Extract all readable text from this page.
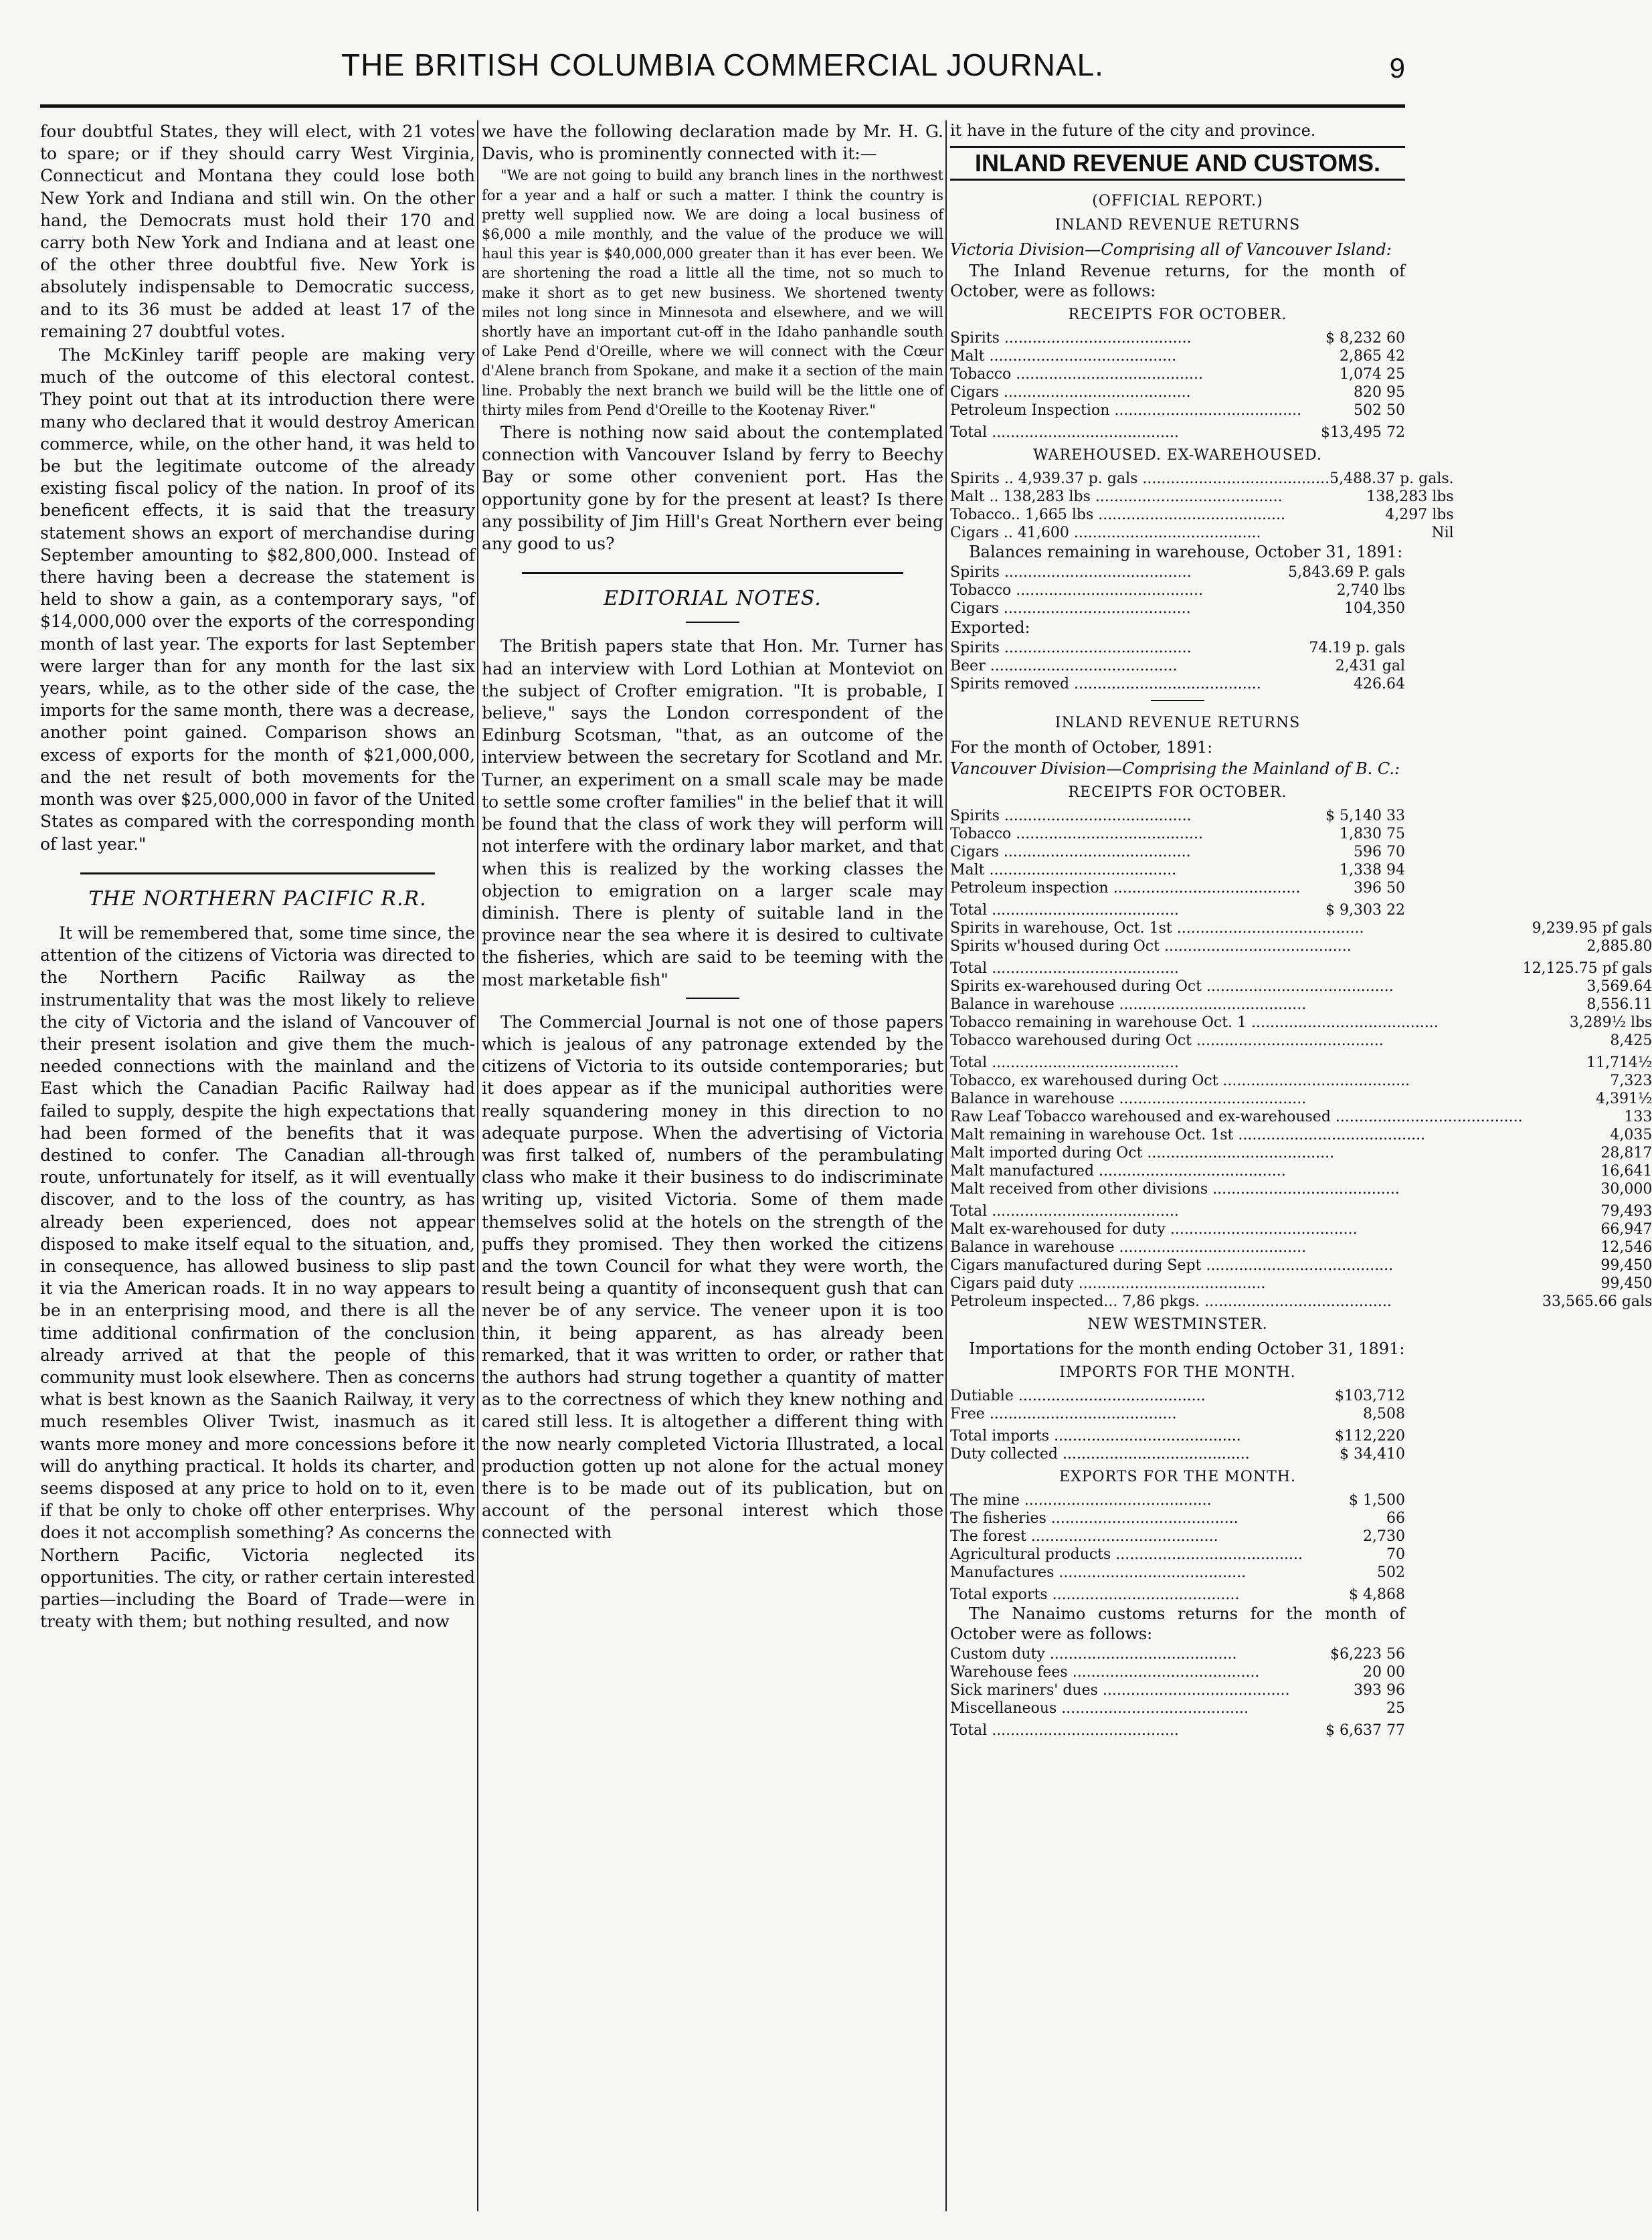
THE BRITISH COLUMBIA COMMERCIAL JOURNAL.	9

four doubtful States, they will elect, with 21 votes to spare; or if they should carry West Virginia, Connecticut and Montana they could lose both New York and Indiana and still win. On the other hand, the Democrats must hold their 170 and carry both New York and Indiana and at least one of the other three doubtful five. New York is absolutely indispensable to Democratic success, and to its 36 must be added at least 17 of the remaining 27 doubtful votes.

The McKinley tariff people are making very much of the outcome of this electoral contest. They point out that at its introduction there were many who declared that it would destroy American commerce, while, on the other hand, it was held to be but the legitimate outcome of the already existing fiscal policy of the nation. In proof of its beneficent effects, it is said that the treasury statement shows an export of merchandise during September amounting to $82,800,000. Instead of there having been a decrease the statement is held to show a gain, as a contemporary says, "of $14,000,000 over the exports of the corresponding month of last year. The exports for last September were larger than for any month for the last six years, while, as to the other side of the case, the imports for the same month, there was a decrease, another point gained. Comparison shows an excess of exports for the month of $21,000,000, and the net result of both movements for the month was over $25,000,000 in favor of the United States as compared with the corresponding month of last year."

THE NORTHERN PACIFIC R.R.

It will be remembered that, some time since, the attention of the citizens of Victoria was directed to the Northern Pacific Railway as the instrumentality that was the most likely to relieve the city of Victoria and the island of Vancouver of their present isolation and give them the much-needed connections with the mainland and the East which the Canadian Pacific Railway had failed to supply, despite the high expectations that had been formed of the benefits that it was destined to confer. The Canadian all-through route, unfortunately for itself, as it will eventually discover, and to the loss of the country, as has already been experienced, does not appear disposed to make itself equal to the situation, and, in consequence, has allowed business to slip past it via the American roads. It in no way appears to be in an enterprising mood, and there is all the time additional confirmation of the conclusion already arrived at that the people of this community must look elsewhere. Then as concerns what is best known as the Saanich Railway, it very much resembles Oliver Twist, inasmuch as it wants more money and more concessions before it will do anything practical. It holds its charter, and seems disposed at any price to hold on to it, even if that be only to choke off other enterprises. Why does it not accomplish something? As concerns the Northern Pacific, Victoria neglected its opportunities. The city, or rather certain interested parties—including the Board of Trade—were in treaty with them; but nothing resulted, and now

we have the following declaration made by Mr. H. G. Davis, who is prominently connected with it:—

"We are not going to build any branch lines in the northwest for a year and a half or such a matter. I think the country is pretty well supplied now. We are doing a local business of $6,000 a mile monthly, and the value of the produce we will haul this year is $40,000,000 greater than it has ever been. We are shortening the road a little all the time, not so much to make it short as to get new business. We shortened twenty miles not long since in Minnesota and elsewhere, and we will shortly have an important cut-off in the Idaho panhandle south of Lake Pend d'Oreille, where we will connect with the Cœur d'Alene branch from Spokane, and make it a section of the main line. Probably the next branch we build will be the little one of thirty miles from Pend d'Oreille to the Kootenay River."

There is nothing now said about the contemplated connection with Vancouver Island by ferry to Beechy Bay or some other convenient port. Has the opportunity gone by for the present at least? Is there any possibility of Jim Hill's Great Northern ever being any good to us?

EDITORIAL NOTES.

The British papers state that Hon. Mr. Turner has had an interview with Lord Lothian at Monteviot on the subject of Crofter emigration. "It is probable, I believe," says the London correspondent of the Edinburg Scotsman, "that, as an outcome of the interview between the secretary for Scotland and Mr. Turner, an experiment on a small scale may be made to settle some crofter families" in the belief that it will be found that the class of work they will perform will not interfere with the ordinary labor market, and that when this is realized by the working classes the objection to emigration on a larger scale may diminish. There is plenty of suitable land in the province near the sea where it is desired to cultivate the fisheries, which are said to be teeming with the most marketable fish"

The Commercial Journal is not one of those papers which is jealous of any patronage extended by the citizens of Victoria to its outside contemporaries; but it does appear as if the municipal authorities were really squandering money in this direction to no adequate purpose. When the advertising of Victoria was first talked of, numbers of the perambulating class who make it their business to do indiscriminate writing up, visited Victoria. Some of them made themselves solid at the hotels on the strength of the puffs they promised. They then worked the citizens and the town Council for what they were worth, the result being a quantity of inconsequent gush that can never be of any service. The veneer upon it is too thin, it being apparent, as has already been remarked, that it was written to order, or rather that the authors had strung together a quantity of matter as to the correctness of which they knew nothing and cared still less. It is altogether a different thing with the now nearly completed Victoria Illustrated, a local production gotten up not alone for the actual money there is to be made out of its publication, but on account of the personal interest which those connected with

it have in the future of the city and province.

INLAND REVENUE AND CUSTOMS.
(OFFICIAL REPORT.)
INLAND REVENUE RETURNS

Victoria Division—Comprising all of Vancouver Island:

The Inland Revenue returns, for the month of October, were as follows:

RECEIPTS FOR OCTOBER.
Spirits ........................................	$ 8,232 60
Malt ........................................	2,865 42
Tobacco ........................................	1,074 25
Cigars ........................................	820 95
Petroleum Inspection ........................................	502 50
Total ........................................	$13,495 72
WAREHOUSED. EX-WAREHOUSED.
Spirits .. 4,939.37 p. gals ........................................	5,488.37 p. gals.
Malt .. 138,283 lbs ........................................	138,283 lbs
Tobacco.. 1,665 lbs ........................................	4,297 lbs
Cigars .. 41,600 ........................................	Nil

Balances remaining in warehouse, October 31, 1891:

Spirits ........................................	5,843.69 P. gals
Tobacco ........................................	2,740 lbs
Cigars ........................................	104,350

Exported:

Spirits ........................................	74.19 p. gals
Beer ........................................	2,431 gal
Spirits removed ........................................	426.64
INLAND REVENUE RETURNS

For the month of October, 1891:

Vancouver Division—Comprising the Mainland of B. C.:

RECEIPTS FOR OCTOBER.
Spirits ........................................	$ 5,140 33
Tobacco ........................................	1,830 75
Cigars ........................................	596 70
Malt ........................................	1,338 94
Petroleum inspection ........................................	396 50
Total ........................................	$ 9,303 22
Spirits in warehouse, Oct. 1st ........................................	9,239.95 pf gals
Spirits w'housed during Oct ........................................	2,885.80
Total ........................................	12,125.75 pf gals
Spirits ex-warehoused during Oct ........................................	3,569.64
Balance in warehouse ........................................	8,556.11
Tobacco remaining in warehouse Oct. 1 ........................................	3,289½ lbs
Tobacco warehoused during Oct ........................................	8,425
Total ........................................	11,714½
Tobacco, ex warehoused during Oct ........................................	7,323
Balance in warehouse ........................................	4,391½
Raw Leaf Tobacco warehoused and ex-warehoused ........................................	133
Malt remaining in warehouse Oct. 1st ........................................	4,035
Malt imported during Oct ........................................	28,817
Malt manufactured ........................................	16,641
Malt received from other divisions ........................................	30,000
Total ........................................	79,493
Malt ex-warehoused for duty ........................................	66,947
Balance in warehouse ........................................	12,546
Cigars manufactured during Sept ........................................	99,450
Cigars paid duty ........................................	99,450
Petroleum inspected... 7,86 pkgs. ........................................	33,565.66 gals
NEW WESTMINSTER.

Importations for the month ending October 31, 1891:

IMPORTS FOR THE MONTH.
Dutiable ........................................	$103,712
Free ........................................	8,508
Total imports ........................................	$112,220
Duty collected ........................................	$ 34,410
EXPORTS FOR THE MONTH.
The mine ........................................	$ 1,500
The fisheries ........................................	66
The forest ........................................	2,730
Agricultural products ........................................	70
Manufactures ........................................	502
Total exports ........................................	$ 4,868

The Nanaimo customs returns for the month of October were as follows:

Custom duty ........................................	$6,223 56
Warehouse fees ........................................	20 00
Sick mariners' dues ........................................	393 96
Miscellaneous ........................................	25
Total ........................................	$ 6,637 77
